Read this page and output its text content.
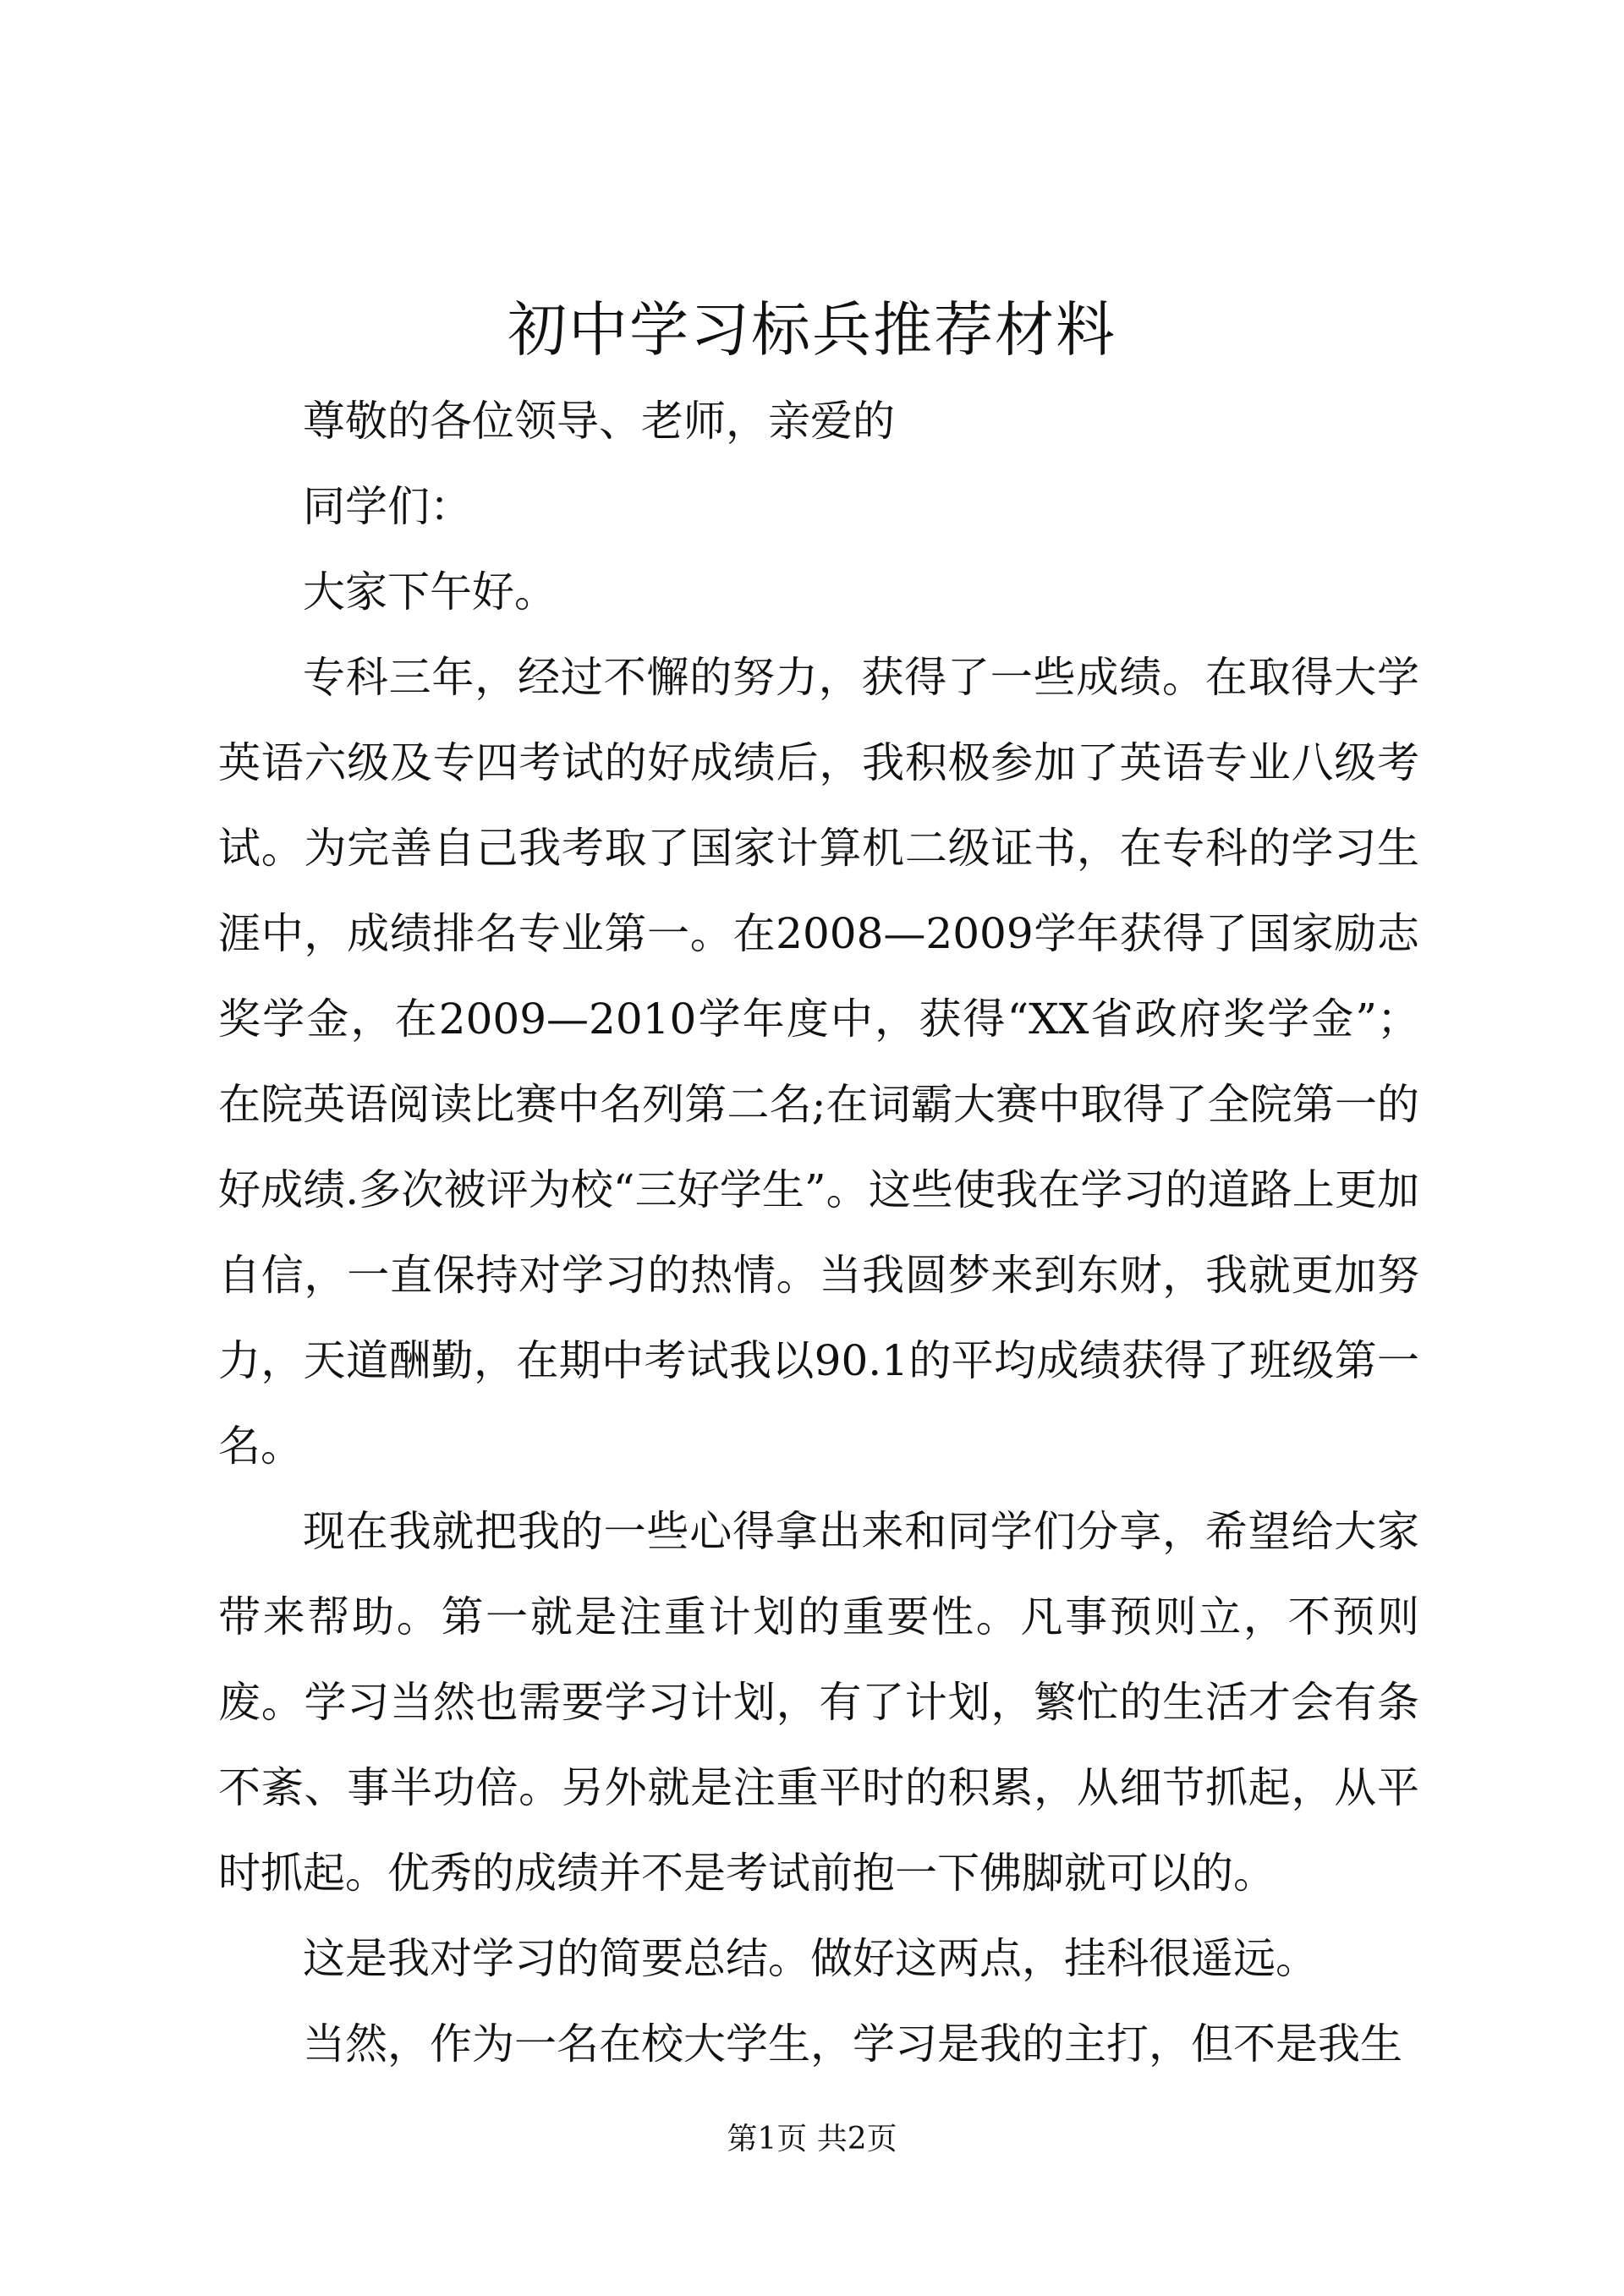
初中学习标兵推荐材料

尊敬的各位领导、老师，亲爱的

同学们：

大家下午好。

专科三年，经过不懈的努力，获得了一些成绩。在取得大学英语六级及专四考试的好成绩后，我积极参加了英语专业八级考试。为完善自己我考取了国家计算机二级证书，在专科的学习生涯中，成绩排名专业第一。在2008—2009学年获得了国家励志奖学金，在2009—2010学年度中，获得“XX省政府奖学金”；在院英语阅读比赛中名列第二名;在词霸大赛中取得了全院第一的好成绩.多次被评为校“三好学生”。这些使我在学习的道路上更加自信，一直保持对学习的热情。当我圆梦来到东财，我就更加努力，天道酬勤，在期中考试我以90.1的平均成绩获得了班级第一名。

现在我就把我的一些心得拿出来和同学们分享，希望给大家带来帮助。第一就是注重计划的重要性。凡事预则立，不预则废。学习当然也需要学习计划，有了计划，繁忙的生活才会有条不紊、事半功倍。另外就是注重平时的积累，从细节抓起，从平时抓起。优秀的成绩并不是考试前抱一下佛脚就可以的。

这是我对学习的简要总结。做好这两点，挂科很遥远。

当然，作为一名在校大学生，学习是我的主打，但不是我生

第1页 共2页
